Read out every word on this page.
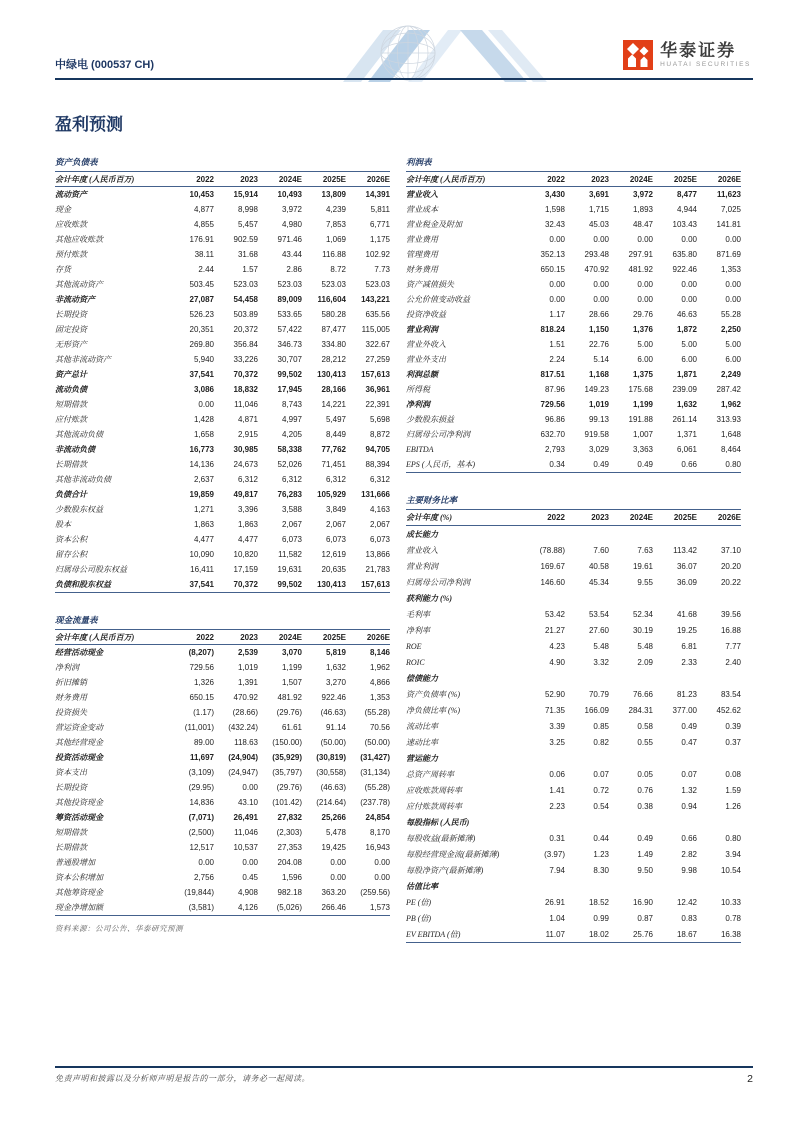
中绿电 (000537 CH)
华泰证券
HUATAI SECURITIES
盈利预测
资产负债表
会计年度 (人民币百万)	2022	2023	2024E	2025E	2026E
流动资产	10,453	15,914	10,493	13,809	14,391
现金	4,877	8,998	3,972	4,239	5,811
应收账款	4,855	5,457	4,980	7,853	6,771
其他应收账款	176.91	902.59	971.46	1,069	1,175
预付账款	38.11	31.68	43.44	116.88	102.92
存货	2.44	1.57	2.86	8.72	7.73
其他流动资产	503.45	523.03	523.03	523.03	523.03
非流动资产	27,087	54,458	89,009	116,604	143,221
长期投资	526.23	503.89	533.65	580.28	635.56
固定投资	20,351	20,372	57,422	87,477	115,005
无形资产	269.80	356.84	346.73	334.80	322.67
其他非流动资产	5,940	33,226	30,707	28,212	27,259
资产总计	37,541	70,372	99,502	130,413	157,613
流动负债	3,086	18,832	17,945	28,166	36,961
短期借款	0.00	11,046	8,743	14,221	22,391
应付账款	1,428	4,871	4,997	5,497	5,698
其他流动负债	1,658	2,915	4,205	8,449	8,872
非流动负债	16,773	30,985	58,338	77,762	94,705
长期借款	14,136	24,673	52,026	71,451	88,394
其他非流动负债	2,637	6,312	6,312	6,312	6,312
负债合计	19,859	49,817	76,283	105,929	131,666
少数股东权益	1,271	3,396	3,588	3,849	4,163
股本	1,863	1,863	2,067	2,067	2,067
资本公积	4,477	4,477	6,073	6,073	6,073
留存公积	10,090	10,820	11,582	12,619	13,866
归属母公司股东权益	16,411	17,159	19,631	20,635	21,783
负债和股东权益	37,541	70,372	99,502	130,413	157,613
现金流量表
会计年度 (人民币百万)	2022	2023	2024E	2025E	2026E
经营活动现金	(8,207)	2,539	3,070	5,819	8,146
净利润	729.56	1,019	1,199	1,632	1,962
折旧摊销	1,326	1,391	1,507	3,270	4,866
财务费用	650.15	470.92	481.92	922.46	1,353
投资损失	(1.17)	(28.66)	(29.76)	(46.63)	(55.28)
营运资金变动	(11,001)	(432.24)	61.61	91.14	70.56
其他经营现金	89.00	118.63	(150.00)	(50.00)	(50.00)
投资活动现金	11,697	(24,904)	(35,929)	(30,819)	(31,427)
资本支出	(3,109)	(24,947)	(35,797)	(30,558)	(31,134)
长期投资	(29.95)	0.00	(29.76)	(46.63)	(55.28)
其他投资现金	14,836	43.10	(101.42)	(214.64)	(237.78)
筹资活动现金	(7,071)	26,491	27,832	25,266	24,854
短期借款	(2,500)	11,046	(2,303)	5,478	8,170
长期借款	12,517	10,537	27,353	19,425	16,943
普通股增加	0.00	0.00	204.08	0.00	0.00
资本公积增加	2,756	0.45	1,596	0.00	0.00
其他筹资现金	(19,844)	4,908	982.18	363.20	(259.56)
现金净增加额	(3,581)	4,126	(5,026)	266.46	1,573
资料来源：公司公告、华泰研究预测
利润表
会计年度 (人民币百万)	2022	2023	2024E	2025E	2026E
营业收入	3,430	3,691	3,972	8,477	11,623
营业成本	1,598	1,715	1,893	4,944	7,025
营业税金及附加	32.43	45.03	48.47	103.43	141.81
营业费用	0.00	0.00	0.00	0.00	0.00
管理费用	352.13	293.48	297.91	635.80	871.69
财务费用	650.15	470.92	481.92	922.46	1,353
资产减值损失	0.00	0.00	0.00	0.00	0.00
公允价值变动收益	0.00	0.00	0.00	0.00	0.00
投资净收益	1.17	28.66	29.76	46.63	55.28
营业利润	818.24	1,150	1,376	1,872	2,250
营业外收入	1.51	22.76	5.00	5.00	5.00
营业外支出	2.24	5.14	6.00	6.00	6.00
利润总额	817.51	1,168	1,375	1,871	2,249
所得税	87.96	149.23	175.68	239.09	287.42
净利润	729.56	1,019	1,199	1,632	1,962
少数股东损益	96.86	99.13	191.88	261.14	313.93
归属母公司净利润	632.70	919.58	1,007	1,371	1,648
EBITDA	2,793	3,029	3,363	6,061	8,464
EPS (人民币，基本)	0.34	0.49	0.49	0.66	0.80
主要财务比率
会计年度 (%)	2022	2023	2024E	2025E	2026E
成长能力
营业收入	(78.88)	7.60	7.63	113.42	37.10
营业利润	169.67	40.58	19.61	36.07	20.20
归属母公司净利润	146.60	45.34	9.55	36.09	20.22
获利能力 (%)
毛利率	53.42	53.54	52.34	41.68	39.56
净利率	21.27	27.60	30.19	19.25	16.88
ROE	4.23	5.48	5.48	6.81	7.77
ROIC	4.90	3.32	2.09	2.33	2.40
偿债能力
资产负债率 (%)	52.90	70.79	76.66	81.23	83.54
净负债比率 (%)	71.35	166.09	284.31	377.00	452.62
流动比率	3.39	0.85	0.58	0.49	0.39
速动比率	3.25	0.82	0.55	0.47	0.37
营运能力
总资产周转率	0.06	0.07	0.05	0.07	0.08
应收账款周转率	1.41	0.72	0.76	1.32	1.59
应付账款周转率	2.23	0.54	0.38	0.94	1.26
每股指标 (人民币)
每股收益(最新摊薄)	0.31	0.44	0.49	0.66	0.80
每股经营现金流(最新摊薄)	(3.97)	1.23	1.49	2.82	3.94
每股净资产(最新摊薄)	7.94	8.30	9.50	9.98	10.54
估值比率
PE (倍)	26.91	18.52	16.90	12.42	10.33
PB (倍)	1.04	0.99	0.87	0.83	0.78
EV EBITDA (倍)	11.07	18.02	25.76	18.67	16.38
免责声明和披露以及分析师声明是报告的一部分，请务必一起阅读。	2
